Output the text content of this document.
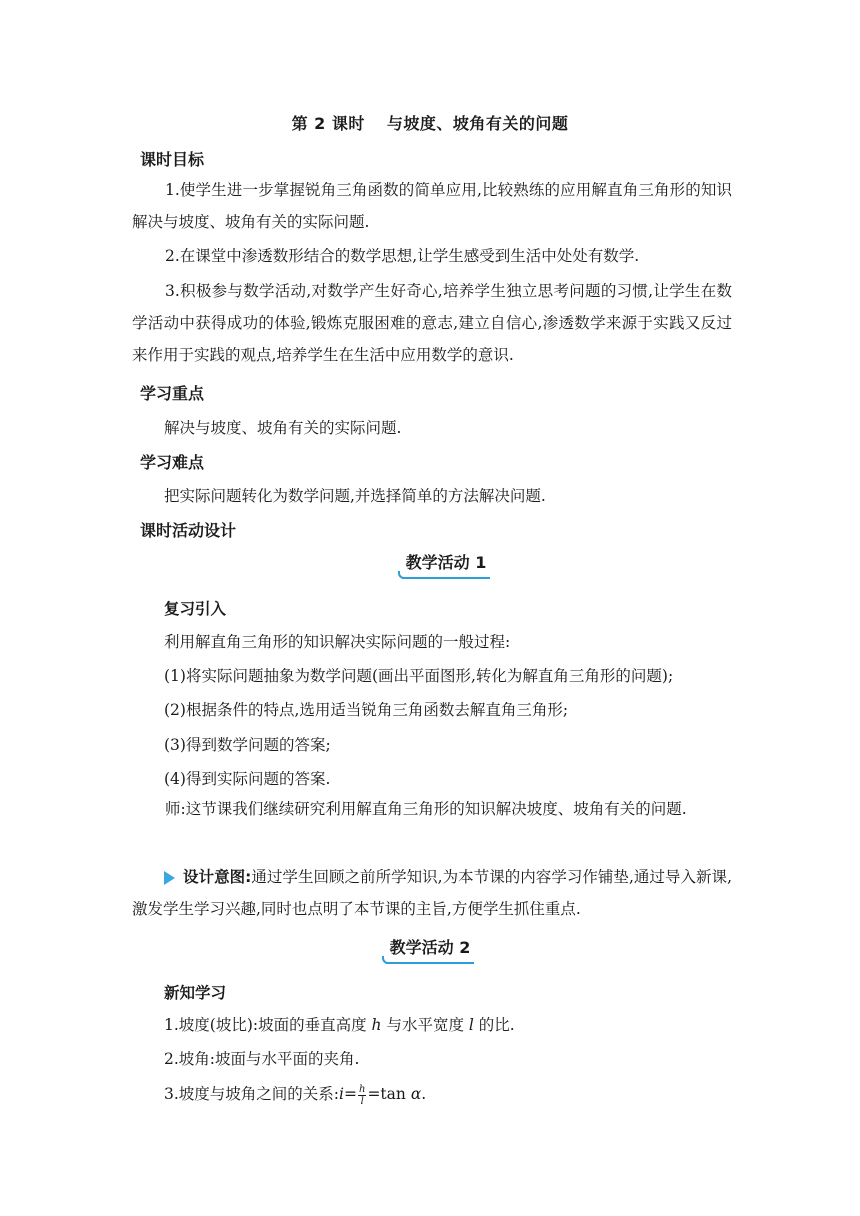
第 2 课时 与坡度、坡角有关的问题
课时目标
1.使学生进一步掌握锐角三角函数的简单应用,比较熟练的应用解直角三角形的知识解决与坡度、坡角有关的实际问题.
2.在课堂中渗透数形结合的数学思想,让学生感受到生活中处处有数学.
3.积极参与数学活动,对数学产生好奇心,培养学生独立思考问题的习惯,让学生在数学活动中获得成功的体验,锻炼克服困难的意志,建立自信心,渗透数学来源于实践又反过来作用于实践的观点,培养学生在生活中应用数学的意识.
学习重点
解决与坡度、坡角有关的实际问题.
学习难点
把实际问题转化为数学问题,并选择简单的方法解决问题.
课时活动设计
教学活动 1
复习引入
利用解直角三角形的知识解决实际问题的一般过程:
(1)将实际问题抽象为数学问题(画出平面图形,转化为解直角三角形的问题);
(2)根据条件的特点,选用适当锐角三角函数去解直角三角形;
(3)得到数学问题的答案;
(4)得到实际问题的答案.
师:这节课我们继续研究利用解直角三角形的知识解决坡度、坡角有关的问题.
设计意图:通过学生回顾之前所学知识,为本节课的内容学习作铺垫,通过导入新课,激发学生学习兴趣,同时也点明了本节课的主旨,方便学生抓住重点.
教学活动 2
新知学习
1.坡度(坡比):坡面的垂直高度 h 与水平宽度 l 的比.
2.坡角:坡面与水平面的夹角.
3.坡度与坡角之间的关系:i= $\frac{h}{l} =\tan$ α.
